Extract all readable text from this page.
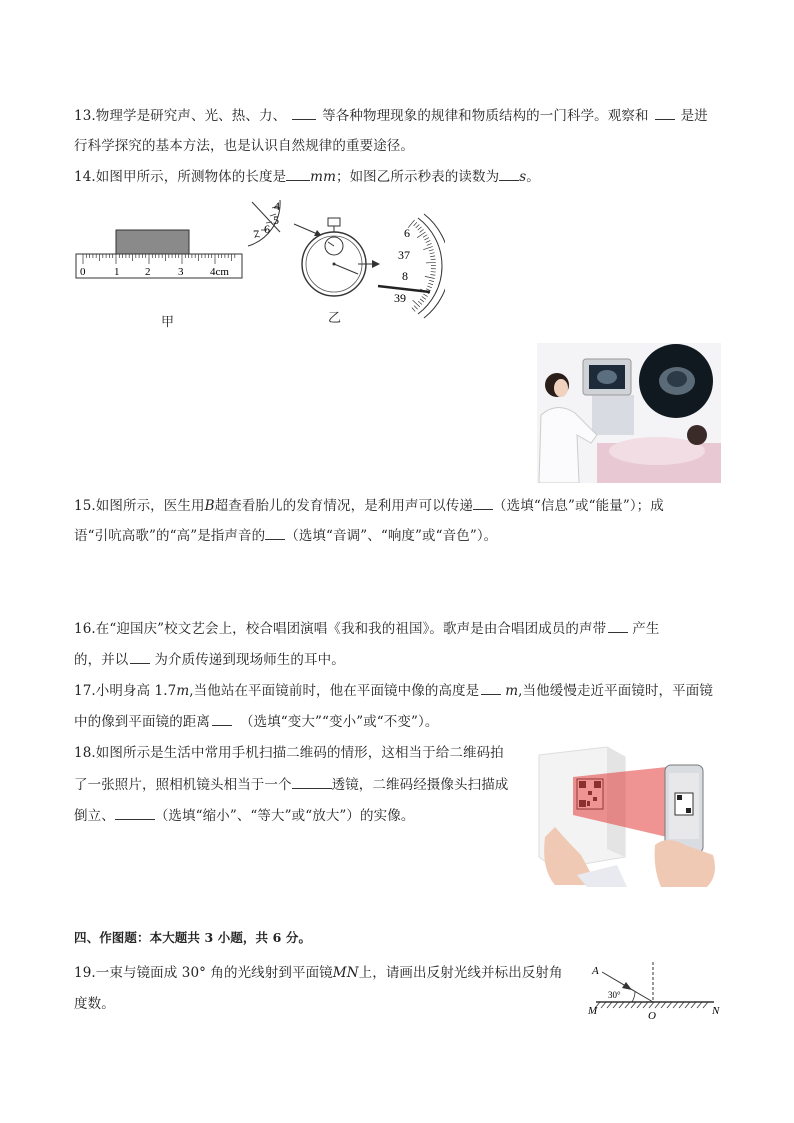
13.物理学是研究声、光、热、力、	等各种物理现象的规律和物质结构的一门科学。观察和 是进
行科学探究的基本方法，也是认识自然规律的重要途径。
14.如图甲所示，所测物体的长度是 mm；如图乙所示秒表的读数为 s。
0	1 2	3 4cm
甲
4
5
6
7	6
37
8
39
乙
15.如图所示，医生用B超查看胎儿的发育情况，是利用声可以传递 （选填“信息”或“能量”）；成
语“引吭高歌”的“高”是指声音的 （选填“音调”、“响度”或“音色”）。
16.在“迎国庆”校文艺会上，校合唱团演唱《我和我的祖国》。歌声是由合唱团成员的声带 产生
的，并以 为介质传递到现场师生的耳中。
17.小明身高 1.7m,当他站在平面镜前时，他在平面镜中像的高度是 m,当他缓慢走近平面镜时，平面镜
中的像到平面镜的距离 （选填“变大”“变小”或“不变”）。
18.如图所示是生活中常用手机扫描二维码的情形，这相当于给二维码拍
了一张照片，照相机镜头相当于一个	透镜，二维码经摄像头扫描成
倒立、	（选填“缩小”、“等大”或“放大”）的实像。
四、作图题：本大题共 3 小题，共 6 分。
19.一束与镜面成 30° 角的光线射到平面镜MN上，请画出反射光线并标出反射角
度数。
A
30°
M	O	N
